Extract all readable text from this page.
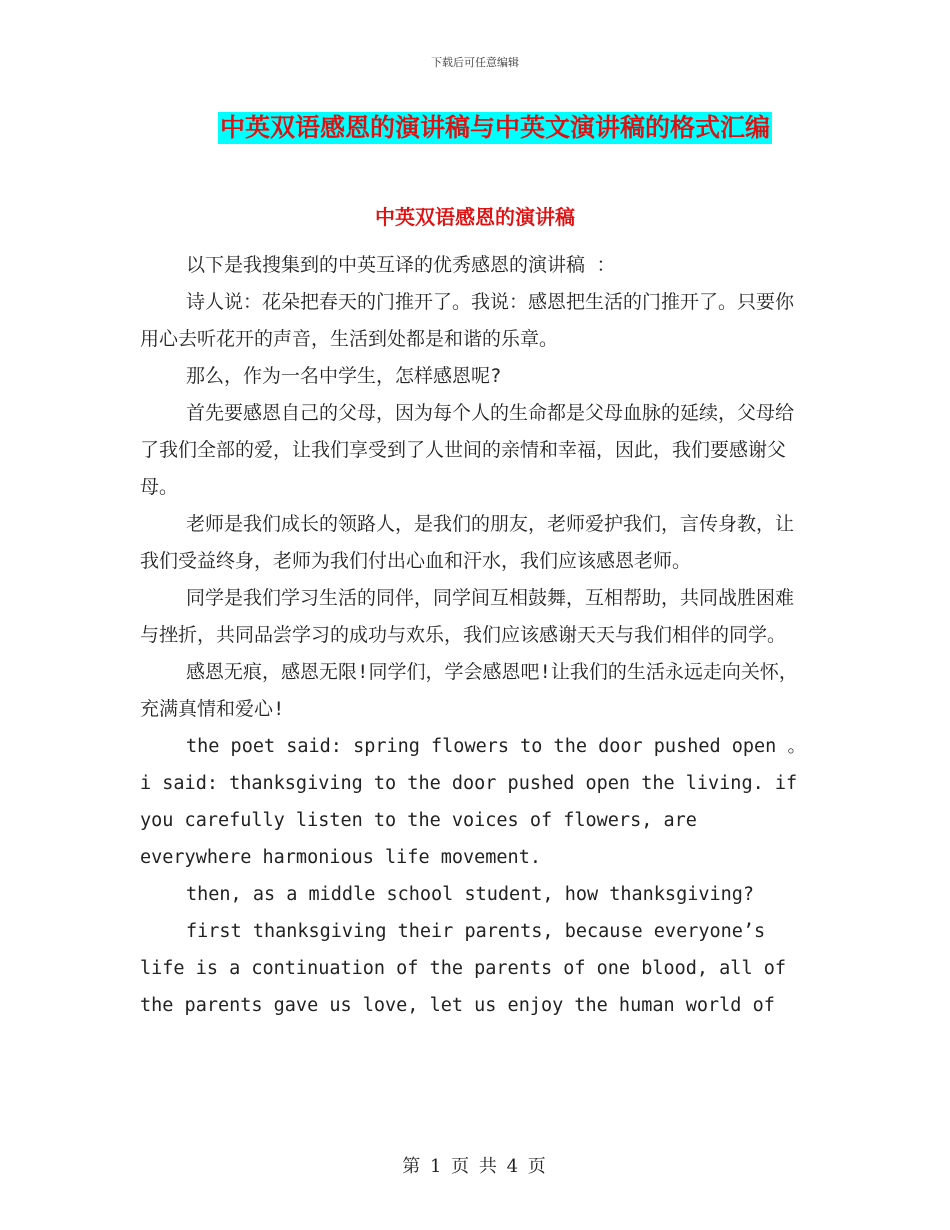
下载后可任意编辑
中英双语感恩的演讲稿与中英文演讲稿的格式汇编
中英双语感恩的演讲稿

以下是我搜集到的中英互译的优秀感恩的演讲稿 ：

诗人说：花朵把春天的门推开了。我说：感恩把生活的门推开了。只要你用心去听花开的声音，生活到处都是和谐的乐章。

那么，作为一名中学生，怎样感恩呢?

首先要感恩自己的父母，因为每个人的生命都是父母血脉的延续，父母给了我们全部的爱，让我们享受到了人世间的亲情和幸福，因此，我们要感谢父母。

老师是我们成长的领路人，是我们的朋友，老师爱护我们，言传身教，让我们受益终身，老师为我们付出心血和汗水，我们应该感恩老师。

同学是我们学习生活的同伴，同学间互相鼓舞，互相帮助，共同战胜困难与挫折，共同品尝学习的成功与欢乐，我们应该感谢天天与我们相伴的同学。

感恩无痕，感恩无限!同学们，学会感恩吧!让我们的生活永远走向关怀，充满真情和爱心!

the poet said: spring flowers to the door pushed open 。 i said: thanksgiving to the door pushed open the living. if you carefully listen to the voices of flowers, are everywhere harmonious life movement.

then, as a middle school student, how thanksgiving?

first thanksgiving their parents, because everyone’s life is a continuation of the parents of one blood, all of the parents gave us love, let us enjoy the human world of

第 1 页 共 4 页
